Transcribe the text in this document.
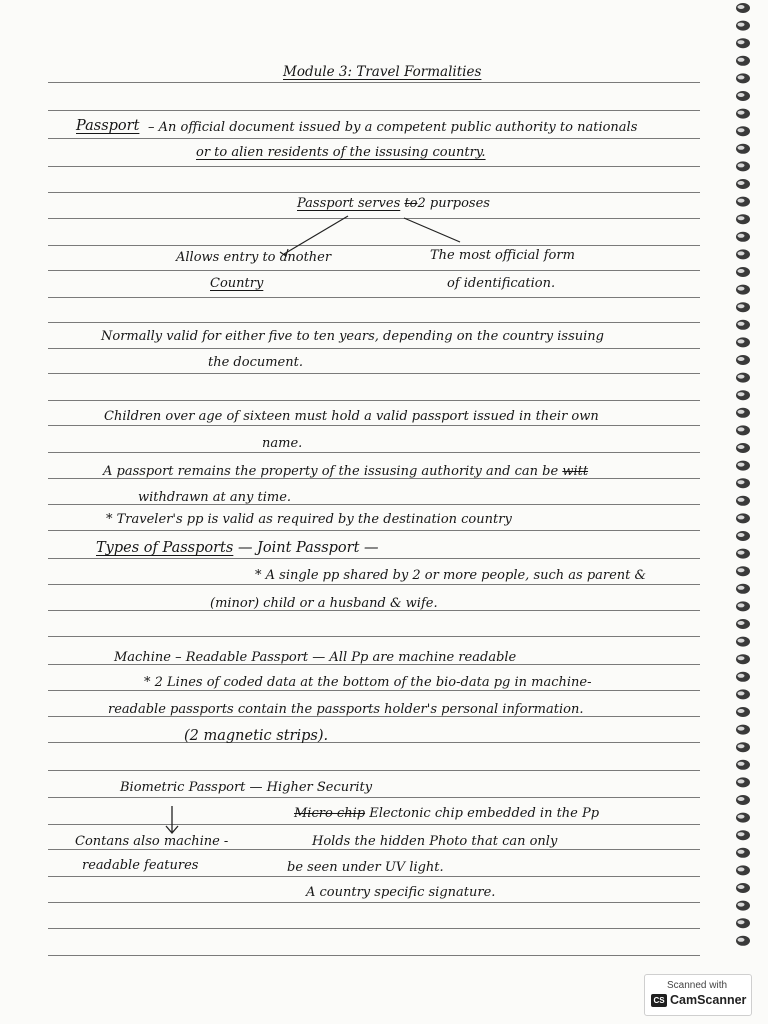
Module 3: Travel Formalities
Passport – An official document issued by a competent public authority to nationals
or to alien residents of the issusing country.
Passport serves to2 purposes
Allows entry to another
Country
The most official form
of identification.
Normally valid for either five to ten years, depending on the country issuing
the document.
Children over age of sixteen must hold a valid passport issued in their own
name.
A passport remains the property of the issusing authority and can be witt
withdrawn at any time.
* Traveler's pp is valid as required by the destination country
Types of Passports — Joint Passport —
* A single pp shared by 2 or more people, such as parent &
(minor) child or a husband & wife.
Machine – Readable Passport — All Pp are machine readable
* 2 Lines of coded data at the bottom of the bio-data pg in machine-
readable passports contain the passports holder's personal information.
(2 magnetic strips).
Biometric Passport — Higher Security
Micro chip Electonic chip embedded in the Pp
Contans also machine -
readable features
Holds the hidden Photo that can only
be seen under UV light.
A country specific signature.
Scanned with
CS CamScanner
